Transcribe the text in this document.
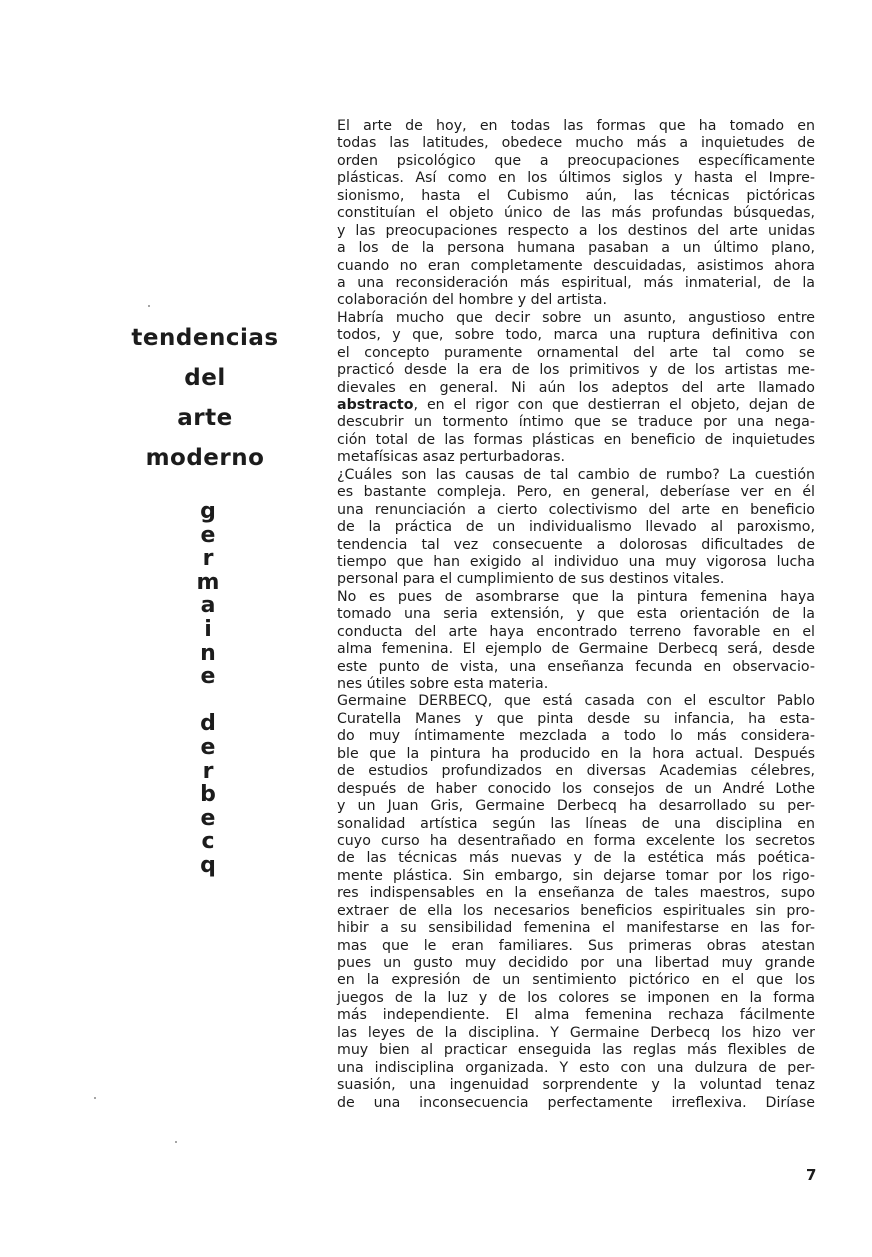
tendencias
del
arte
moderno
g
e
r
m
a
i
n
e
d
e
r
b
e
c
q
El arte de hoy, en todas las formas que ha tomado en
todas las latitudes, obedece mucho más a inquietudes de
orden psicológico que a preocupaciones específicamente
plásticas. Así como en los últimos siglos y hasta el Impre-
sionismo, hasta el Cubismo aún, las técnicas pictóricas
constituían el objeto único de las más profundas búsquedas,
y las preocupaciones respecto a los destinos del arte unidas
a los de la persona humana pasaban a un último plano,
cuando no eran completamente descuidadas, asistimos ahora
a una reconsideración más espiritual, más inmaterial, de la
colaboración del hombre y del artista.
Habría mucho que decir sobre un asunto, angustioso entre
todos, y que, sobre todo, marca una ruptura definitiva con
el concepto puramente ornamental del arte tal como se
practicó desde la era de los primitivos y de los artistas me-
dievales en general. Ni aún los adeptos del arte llamado
abstracto, en el rigor con que destierran el objeto, dejan de
descubrir un tormento íntimo que se traduce por una nega-
ción total de las formas plásticas en beneficio de inquietudes
metafísicas asaz perturbadoras.
¿Cuáles son las causas de tal cambio de rumbo? La cuestión
es bastante compleja. Pero, en general, deberíase ver en él
una renunciación a cierto colectivismo del arte en beneficio
de la práctica de un individualismo llevado al paroxismo,
tendencia tal vez consecuente a dolorosas dificultades de
tiempo que han exigido al individuo una muy vigorosa lucha
personal para el cumplimiento de sus destinos vitales.
No es pues de asombrarse que la pintura femenina haya
tomado una seria extensión, y que esta orientación de la
conducta del arte haya encontrado terreno favorable en el
alma femenina. El ejemplo de Germaine Derbecq será, desde
este punto de vista, una enseñanza fecunda en observacio-
nes útiles sobre esta materia.
Germaine DERBECQ, que está casada con el escultor Pablo
Curatella Manes y que pinta desde su infancia, ha esta-
do muy íntimamente mezclada a todo lo más considera-
ble que la pintura ha producido en la hora actual. Después
de estudios profundizados en diversas Academias célebres,
después de haber conocido los consejos de un André Lothe
y un Juan Gris, Germaine Derbecq ha desarrollado su per-
sonalidad artística según las líneas de una disciplina en
cuyo curso ha desentrañado en forma excelente los secretos
de las técnicas más nuevas y de la estética más poética-
mente plástica. Sin embargo, sin dejarse tomar por los rigo-
res indispensables en la enseñanza de tales maestros, supo
extraer de ella los necesarios beneficios espirituales sin pro-
hibir a su sensibilidad femenina el manifestarse en las for-
mas que le eran familiares. Sus primeras obras atestan
pues un gusto muy decidido por una libertad muy grande
en la expresión de un sentimiento pictórico en el que los
juegos de la luz y de los colores se imponen en la forma
más independiente. El alma femenina rechaza fácilmente
las leyes de la disciplina. Y Germaine Derbecq los hizo ver
muy bien al practicar enseguida las reglas más flexibles de
una indisciplina organizada. Y esto con una dulzura de per-
suasión, una ingenuidad sorprendente y la voluntad tenaz
de una inconsecuencia perfectamente irreflexiva. Diríase
7
